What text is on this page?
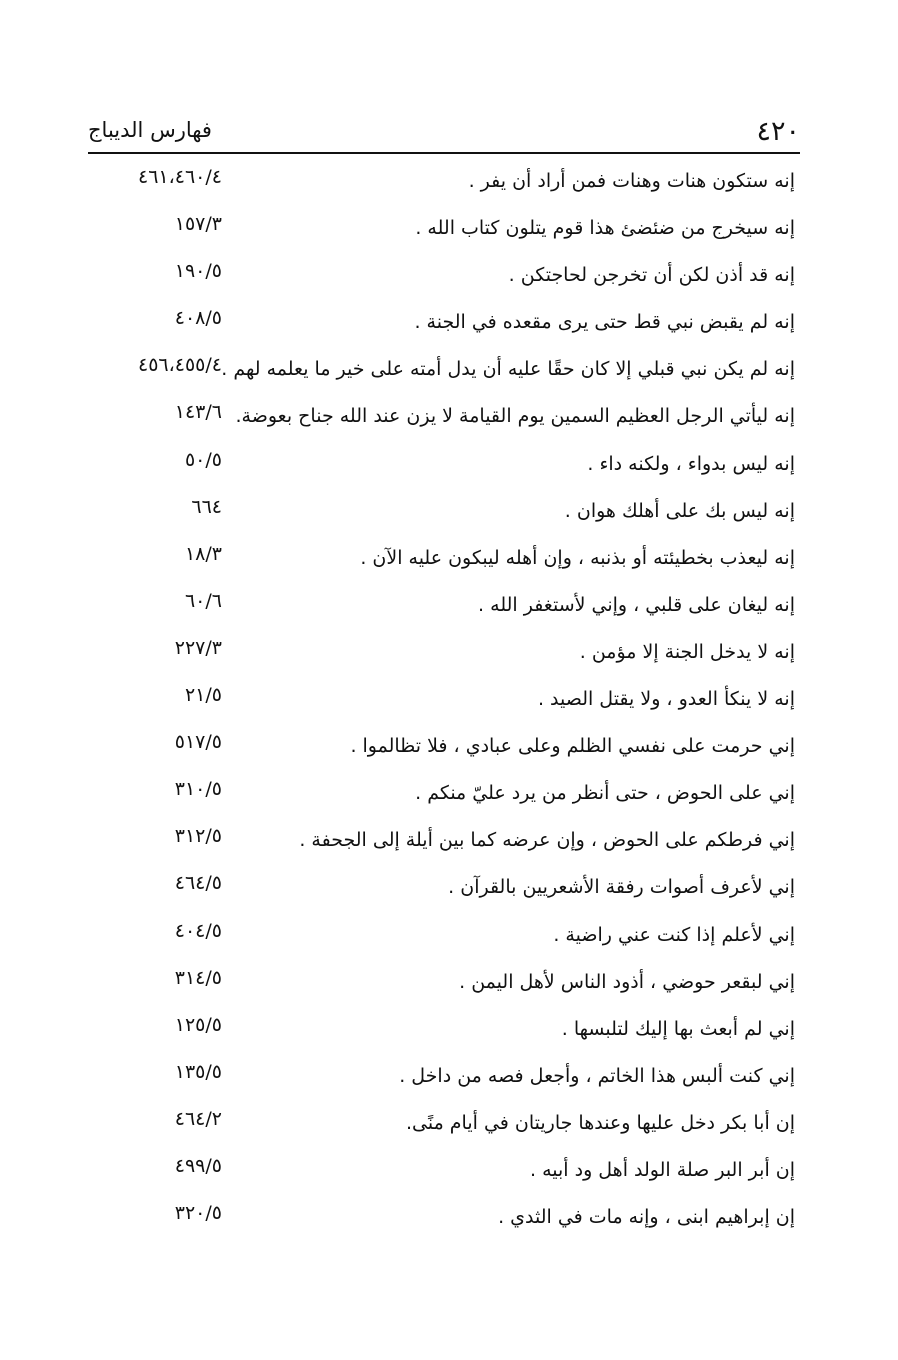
٤٢٠
فهارس الديباج
إنه ستكون هنات وهنات فمن أراد أن يفر .
٤٦١،٤٦٠/٤
إنه سيخرج من ضئضئ هذا قوم يتلون كتاب الله .
١٥٧/٣
إنه قد أذن لكن أن تخرجن لحاجتكن .
١٩٠/٥
إنه لم يقبض نبي قط حتى يرى مقعده في الجنة .
٤٠٨/٥
إنه لم يكن نبي قبلي إلا كان حقًا عليه أن يدل أمته على خير ما يعلمه لهم .
٤٥٦،٤٥٥/٤
إنه ليأتي الرجل العظيم السمين يوم القيامة لا يزن عند الله جناح بعوضة.
١٤٣/٦
إنه ليس بدواء ، ولكنه داء .
٥٠/٥
إنه ليس بك على أهلك هوان .
٦٦٤
إنه ليعذب بخطيئته أو بذنبه ، وإن أهله ليبكون عليه الآن .
١٨/٣
إنه ليغان على قلبي ، وإني لأستغفر الله .
٦٠/٦
إنه لا يدخل الجنة إلا مؤمن .
٢٢٧/٣
إنه لا ينكأ العدو ، ولا يقتل الصيد .
٢١/٥
إني حرمت على نفسي الظلم وعلى عبادي ، فلا تظالموا .
٥١٧/٥
إني على الحوض ، حتى أنظر من يرد عليّ منكم .
٣١٠/٥
إني فرطكم على الحوض ، وإن عرضه كما بين أيلة إلى الجحفة .
٣١٢/٥
إني لأعرف أصوات رفقة الأشعريين بالقرآن .
٤٦٤/٥
إني لأعلم إذا كنت عني راضية .
٤٠٤/٥
إني لبقعر حوضي ، أذود الناس لأهل اليمن .
٣١٤/٥
إني لم أبعث بها إليك لتلبسها .
١٢٥/٥
إني كنت ألبس هذا الخاتم ، وأجعل فصه من داخل .
١٣٥/٥
إن أبا بكر دخل عليها وعندها جاريتان في أيام منًى.
٤٦٤/٢
إن أبر البر صلة الولد أهل ود أبيه .
٤٩٩/٥
إن إبراهيم ابنى ، وإنه مات في الثدي .
٣٢٠/٥
